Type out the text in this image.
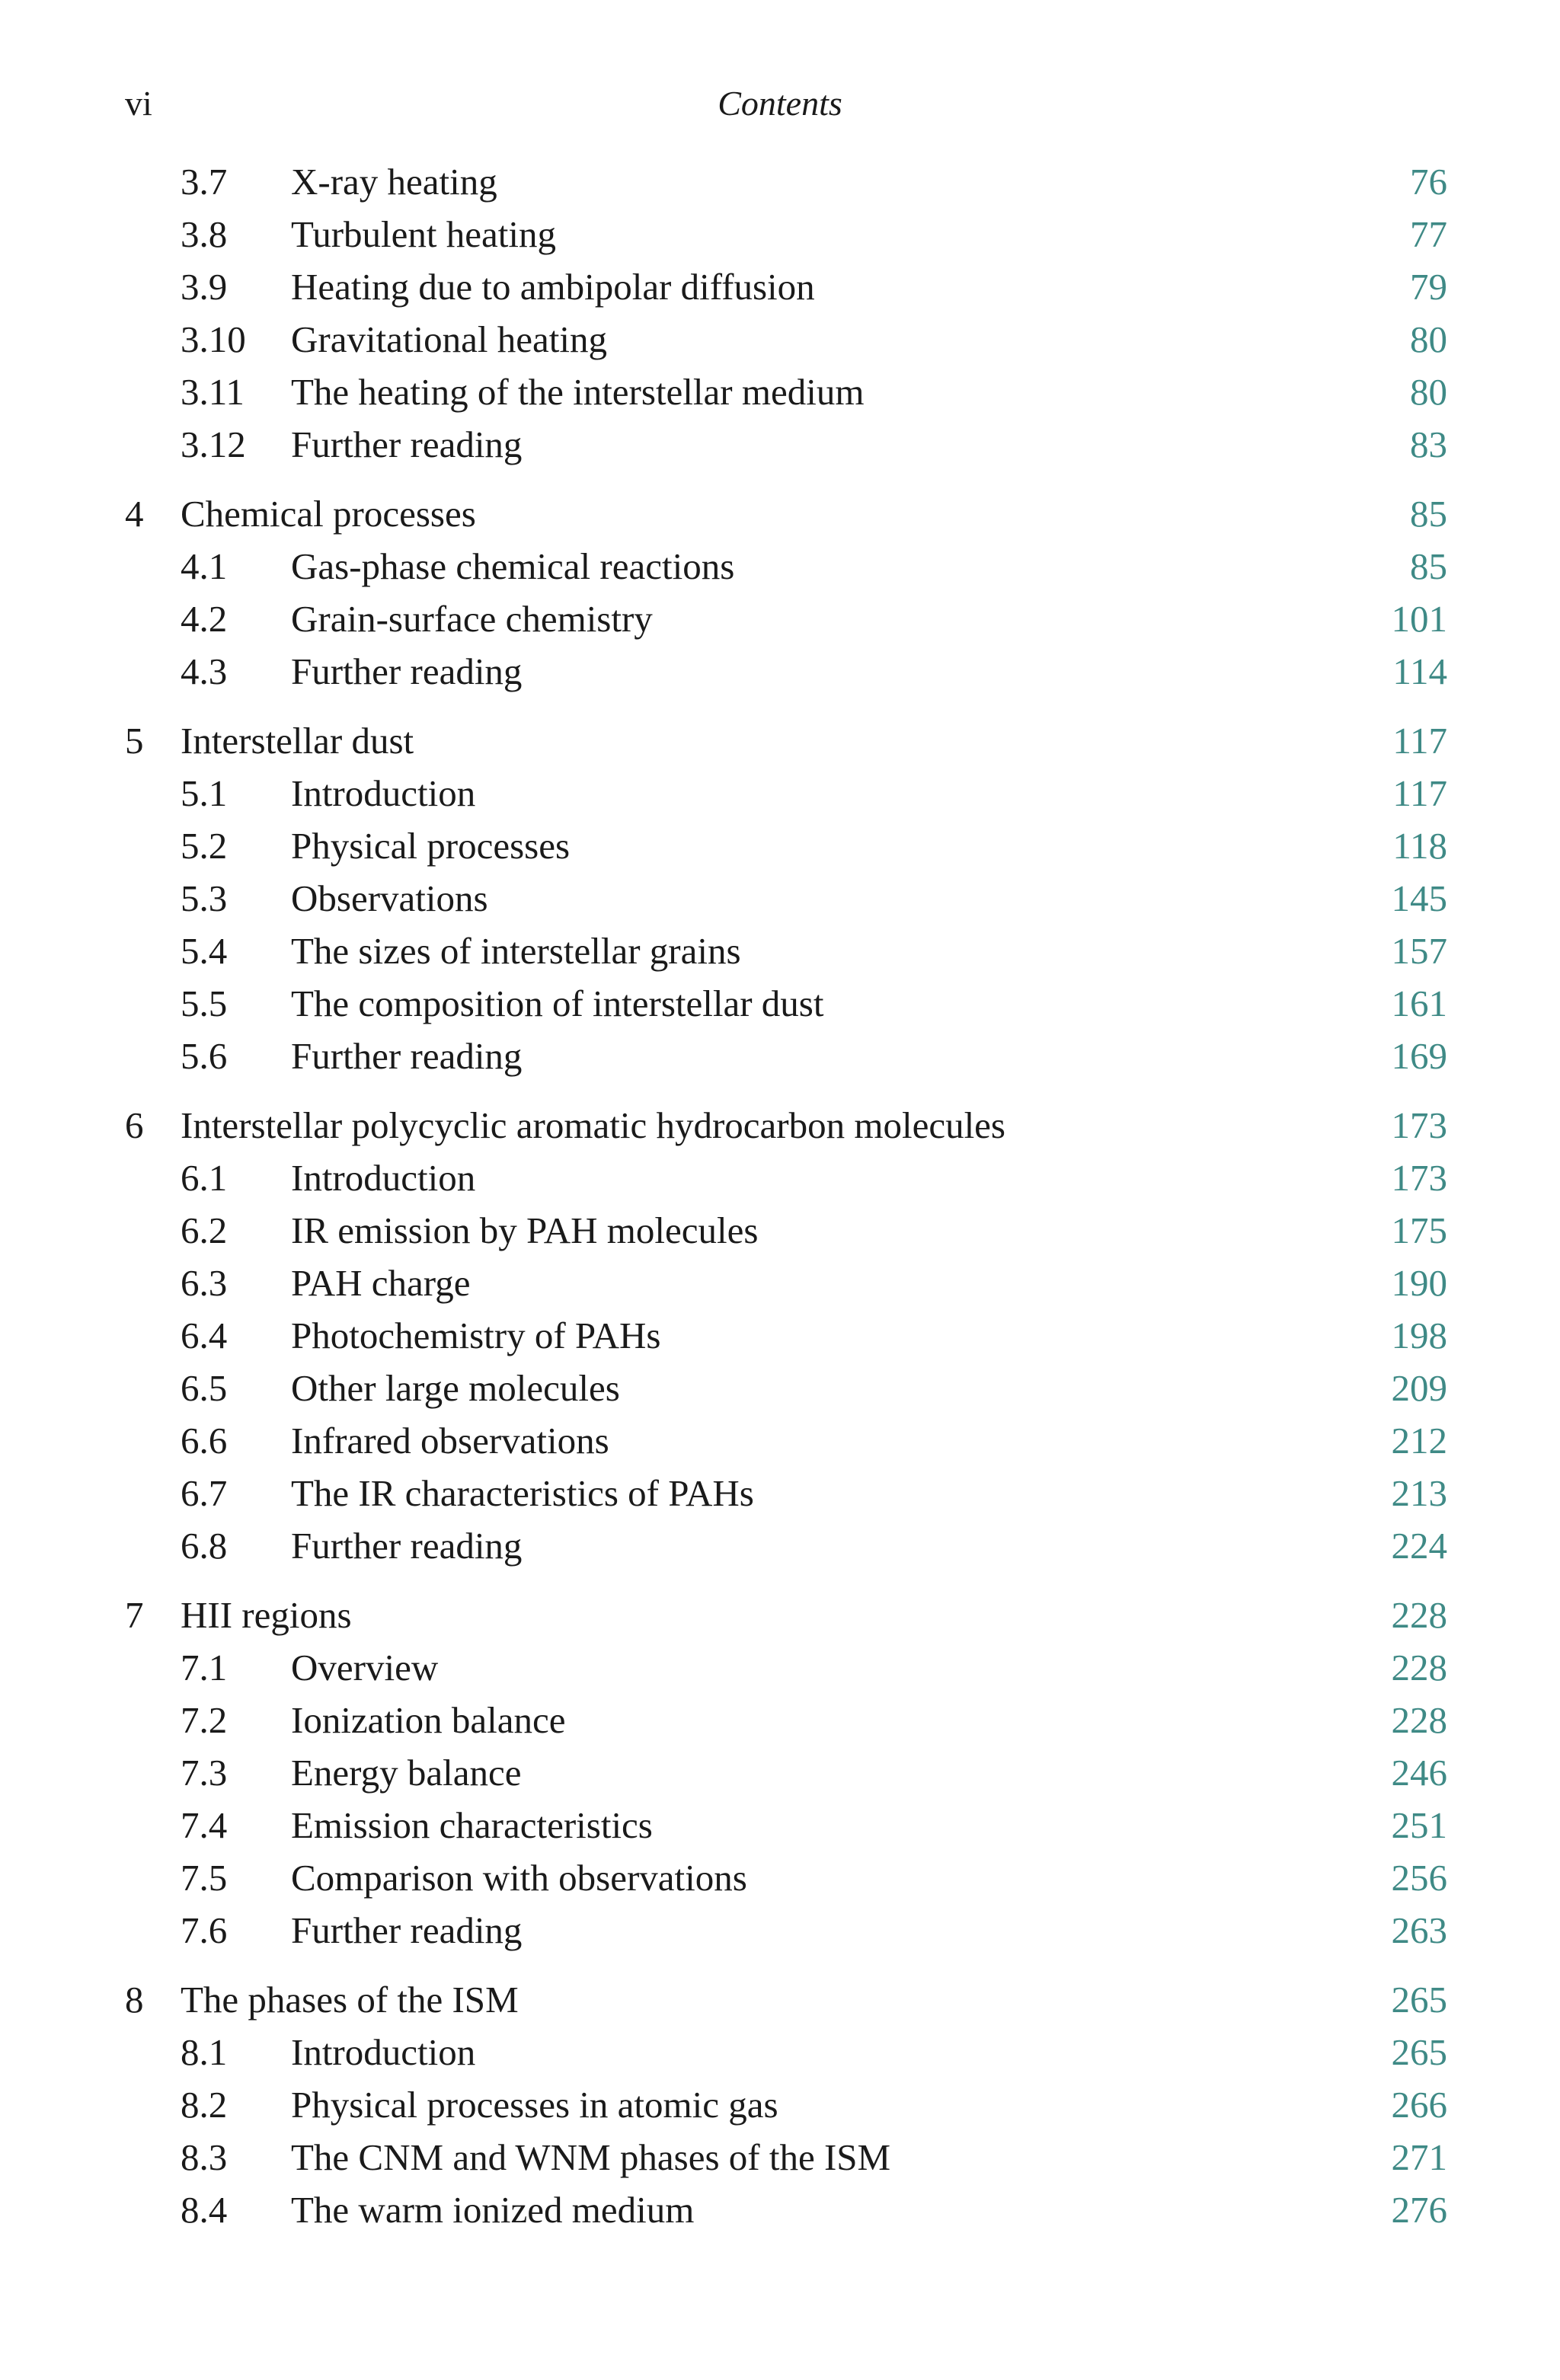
vi	Contents
3.7 X-ray heating	76
3.8 Turbulent heating	77
3.9 Heating due to ambipolar diffusion	79
3.10 Gravitational heating	80
3.11 The heating of the interstellar medium	80
3.12 Further reading	83
4 Chemical processes	85
4.1 Gas-phase chemical reactions	85
4.2 Grain-surface chemistry	101
4.3 Further reading	114
5 Interstellar dust	117
5.1 Introduction	117
5.2 Physical processes	118
5.3 Observations	145
5.4 The sizes of interstellar grains	157
5.5 The composition of interstellar dust	161
5.6 Further reading	169
6 Interstellar polycyclic aromatic hydrocarbon molecules	173
6.1 Introduction	173
6.2 IR emission by PAH molecules	175
6.3 PAH charge	190
6.4 Photochemistry of PAHs	198
6.5 Other large molecules	209
6.6 Infrared observations	212
6.7 The IR characteristics of PAHs	213
6.8 Further reading	224
7 HII regions	228
7.1 Overview	228
7.2 Ionization balance	228
7.3 Energy balance	246
7.4 Emission characteristics	251
7.5 Comparison with observations	256
7.6 Further reading	263
8 The phases of the ISM	265
8.1 Introduction	265
8.2 Physical processes in atomic gas	266
8.3 The CNM and WNM phases of the ISM	271
8.4 The warm ionized medium	276
